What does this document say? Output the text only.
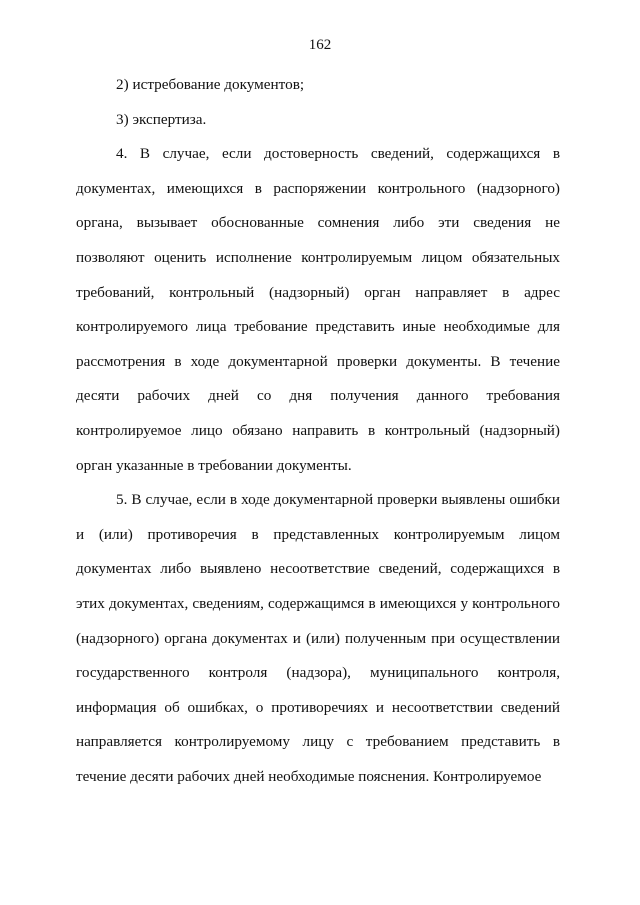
162

2) истребование документов;

3) экспертиза.

4. В случае, если достоверность сведений, содержащихся в документах, имеющихся в распоряжении контрольного (надзорного) органа, вызывает обоснованные сомнения либо эти сведения не позволяют оценить исполнение контролируемым лицом обязательных требований, контрольный (надзорный) орган направляет в адрес контролируемого лица требование представить иные необходимые для рассмотрения в ходе документарной проверки документы. В течение десяти рабочих дней со дня получения данного требования контролируемое лицо обязано направить в контрольный (надзорный) орган указанные в требовании документы.

5. В случае, если в ходе документарной проверки выявлены ошибки и (или) противоречия в представленных контролируемым лицом документах либо выявлено несоответствие сведений, содержащихся в этих документах, сведениям, содержащимся в имеющихся у контрольного (надзорного) органа документах и (или) полученным при осуществлении государственного контроля (надзора), муниципального контроля, информация об ошибках, о противоречиях и несоответствии сведений направляется контролируемому лицу с требованием представить в течение десяти рабочих дней необходимые пояснения. Контролируемое
